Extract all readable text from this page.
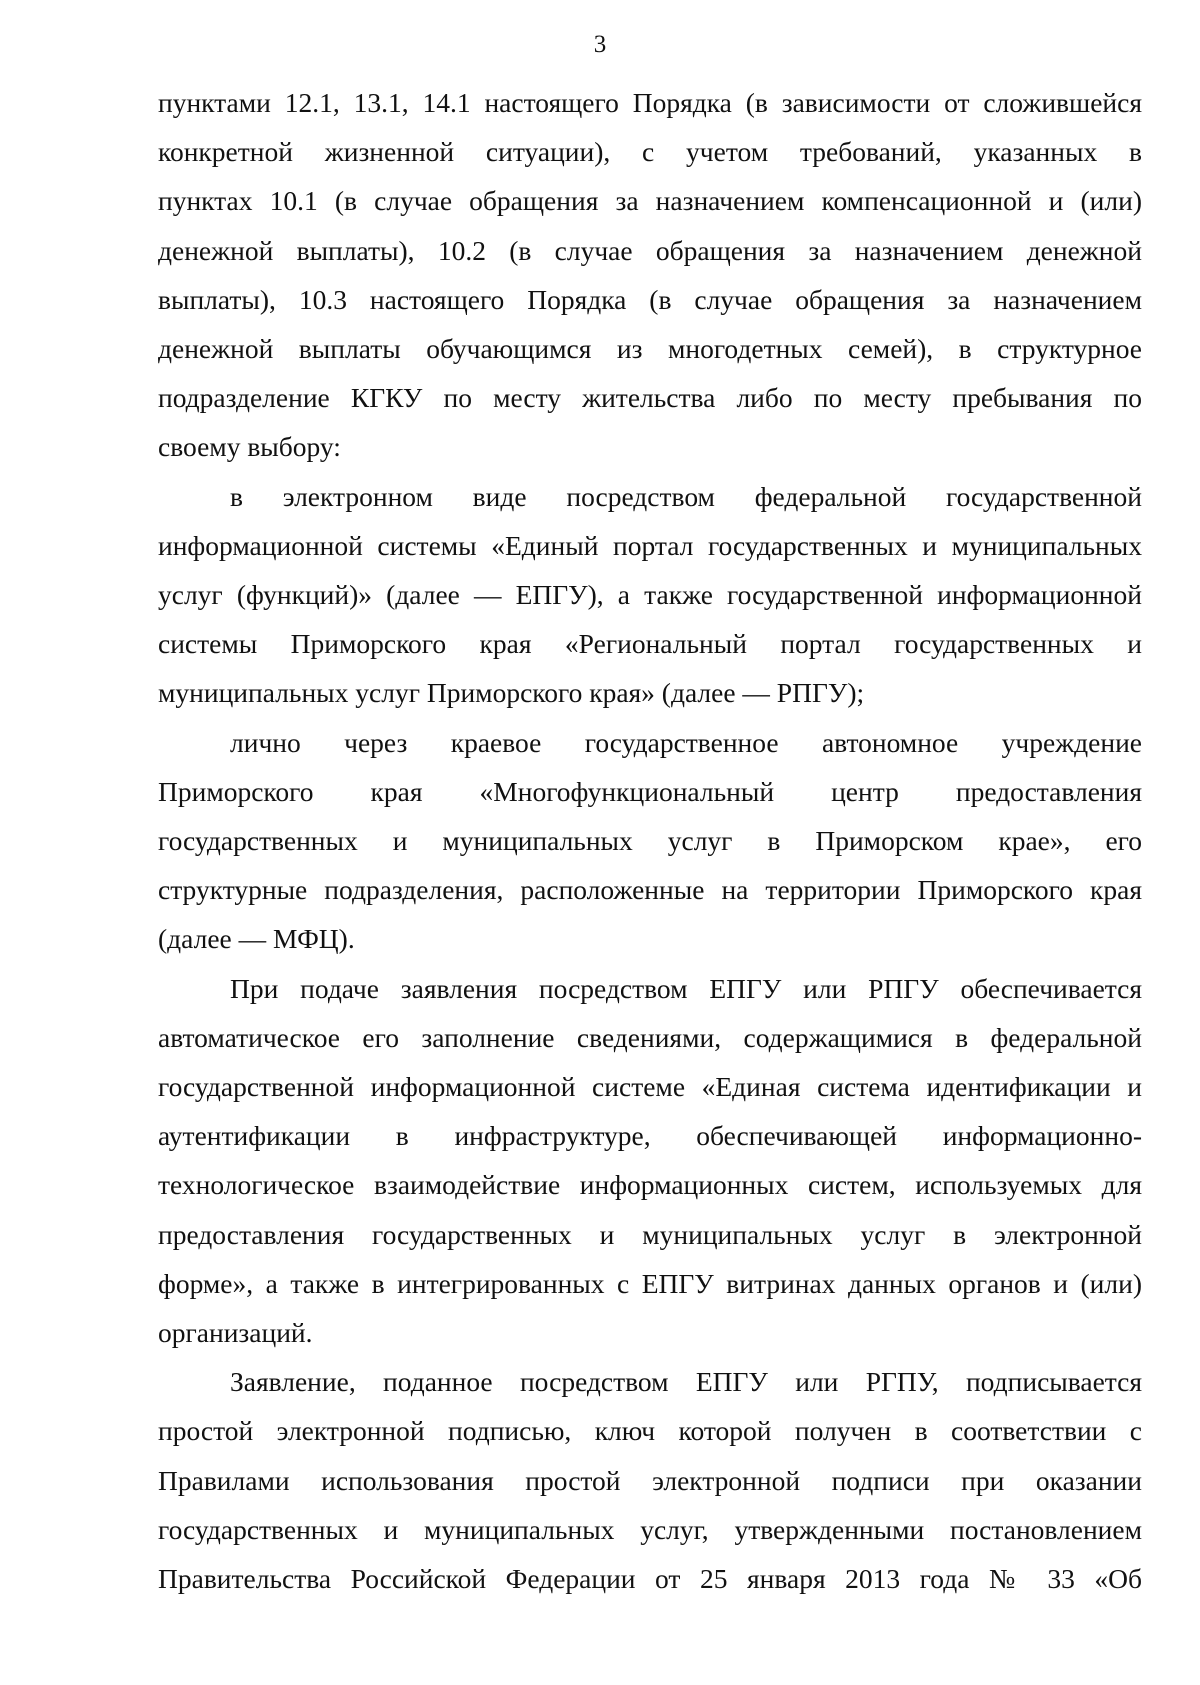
3

пунктами 12.1, 13.1, 14.1 настоящего Порядка (в зависимости от сложившейся
конкретной жизненной ситуации), с учетом требований, указанных в
пунктах 10.1 (в случае обращения за назначением компенсационной и (или)
денежной выплаты), 10.2 (в случае обращения за назначением денежной
выплаты), 10.3 настоящего Порядка (в случае обращения за назначением
денежной выплаты обучающимся из многодетных семей), в структурное
подразделение КГКУ по месту жительства либо по месту пребывания по
своему выбору:

в электронном виде посредством федеральной государственной
информационной системы «Единый портал государственных и муниципальных
услуг (функций)» (далее — ЕПГУ), а также государственной информационной
системы Приморского края «Региональный портал государственных и
муниципальных услуг Приморского края» (далее — РПГУ);

лично через краевое государственное автономное учреждение
Приморского края «Многофункциональный центр предоставления
государственных и муниципальных услуг в Приморском крае», его
структурные подразделения, расположенные на территории Приморского края
(далее — МФЦ).

При подаче заявления посредством ЕПГУ или РПГУ обеспечивается
автоматическое его заполнение сведениями, содержащимися в федеральной
государственной информационной системе «Единая система идентификации и
аутентификации в инфраструктуре, обеспечивающей информационно-
технологическое взаимодействие информационных систем, используемых для
предоставления государственных и муниципальных услуг в электронной
форме», а также в интегрированных с ЕПГУ витринах данных органов и (или)
организаций.

Заявление, поданное посредством ЕПГУ или РГПУ, подписывается
простой электронной подписью, ключ которой получен в соответствии с
Правилами использования простой электронной подписи при оказании
государственных и муниципальных услуг, утвержденными постановлением
Правительства Российской Федерации от 25 января 2013 года № 33 «Об
